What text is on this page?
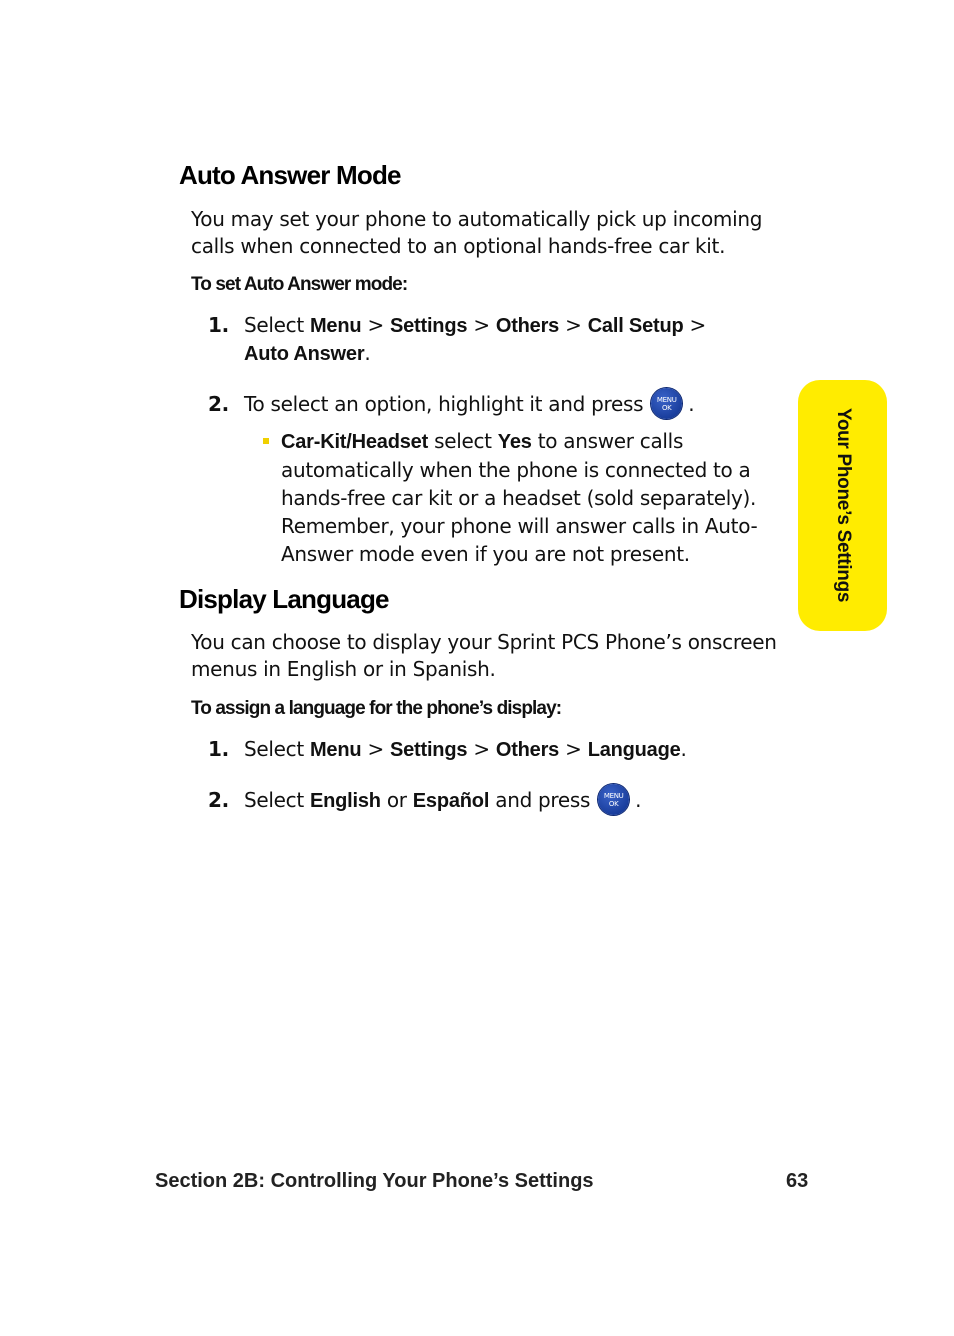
Auto Answer Mode

You may set your phone to automatically pick up incoming
calls when connected to an optional hands-free car kit.

To set Auto Answer mode:

1. Select Menu > Settings > Others > Call Setup >
Auto Answer.
2. To select an option, highlight it and press	MENU
OK .

Car-Kit/Headset select Yes to answer calls
automatically when the phone is connected to a
hands-free car kit or a headset (sold separately).
Remember, your phone will answer calls in Auto-
Answer mode even if you are not present.

Display Language

You can choose to display your Sprint PCS Phone’s onscreen
menus in English or in Spanish.

To assign a language for the phone’s display:

1. Select Menu > Settings > Others > Language.
2. Select English or Español and press	MENU
OK .
Your Phone’s Settings
Section 2B: Controlling Your Phone’s Settings	63
